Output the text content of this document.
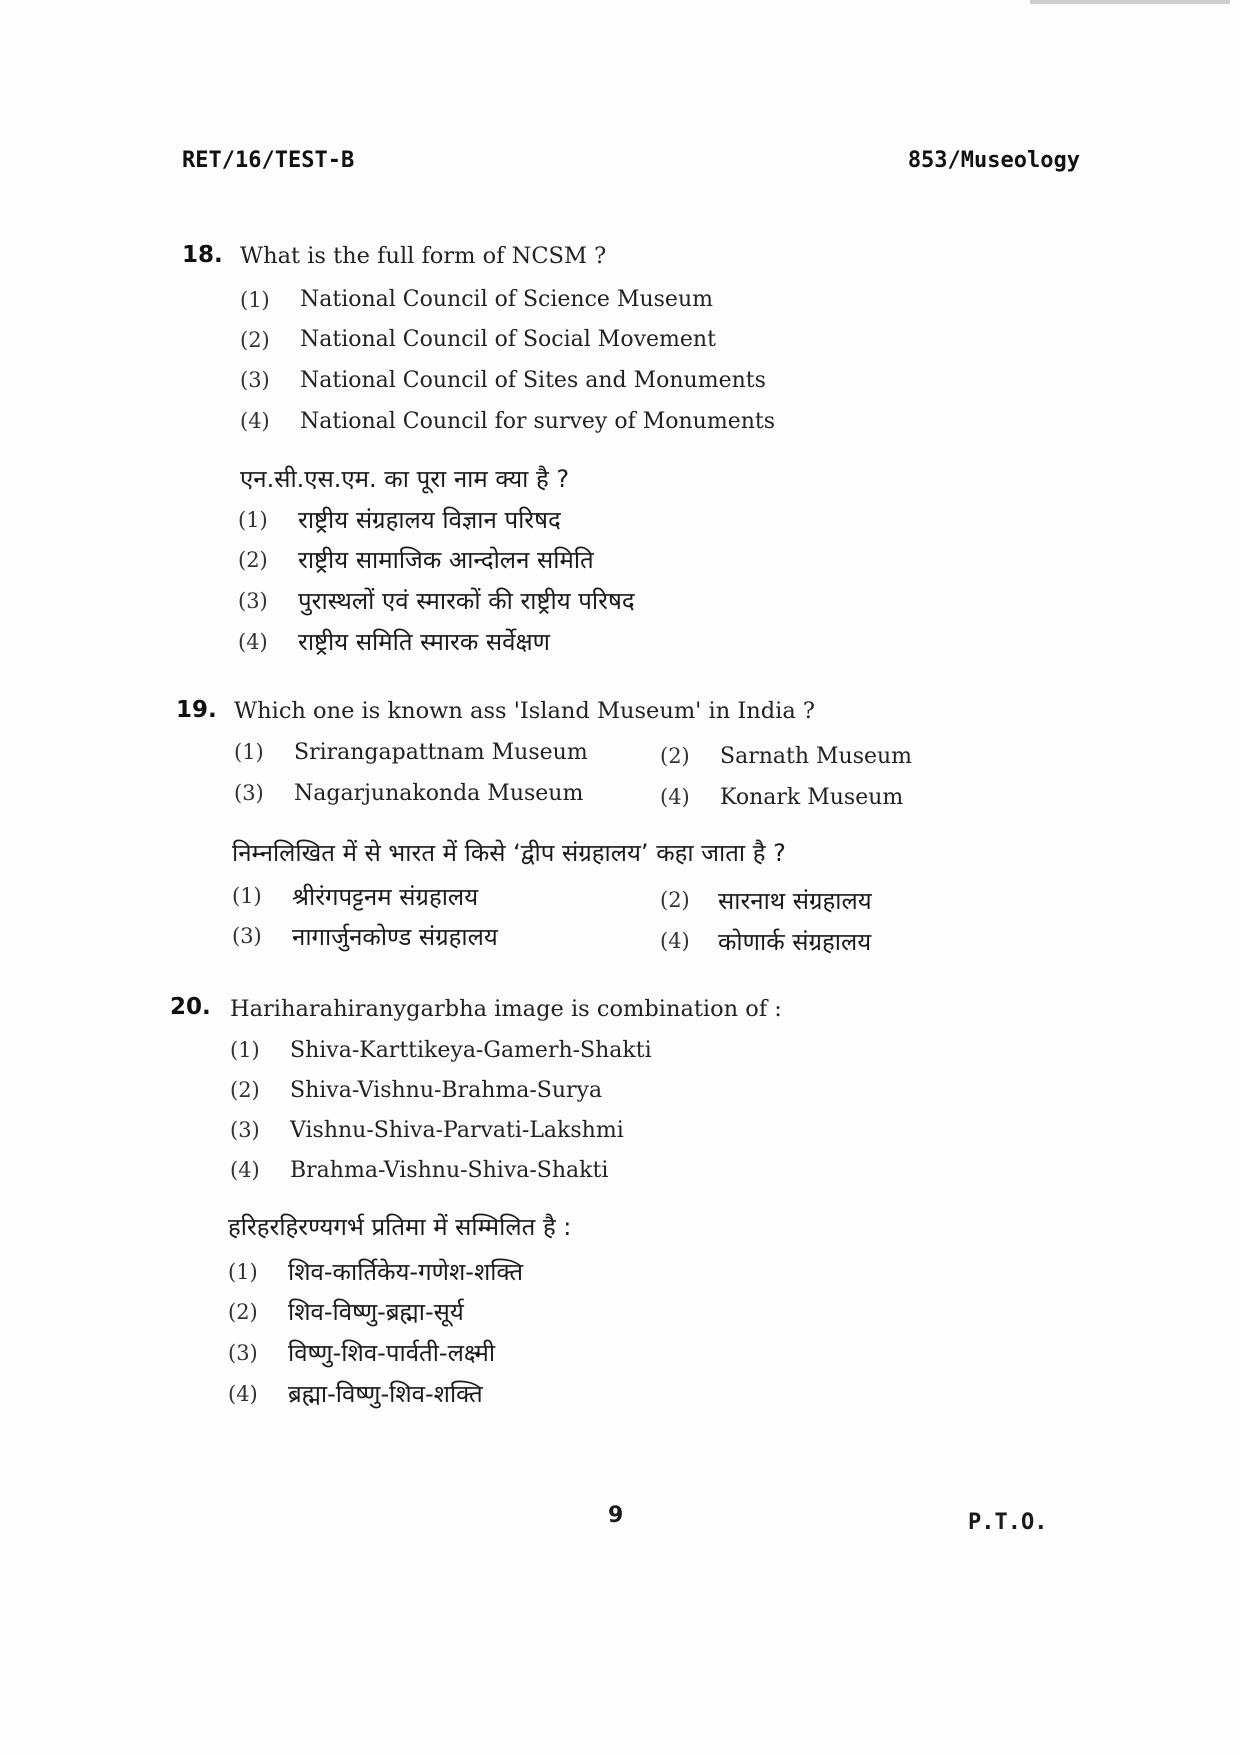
RET/16/TEST-B	853/Museology
18. What is the full form of NCSM ?
(1) National Council of Science Museum
(2) National Council of Social Movement
(3) National Council of Sites and Monuments
(4) National Council for survey of Monuments
एन.सी.एस.एम. का पूरा नाम क्या है ?
(1) राष्ट्रीय संग्रहालय विज्ञान परिषद
(2) राष्ट्रीय सामाजिक आन्दोलन समिति
(3) पुरास्थलों एवं स्मारकों की राष्ट्रीय परिषद
(4) राष्ट्रीय समिति स्मारक सर्वेक्षण
19. Which one is known ass 'Island Museum' in India ?
(1) Srirangapattnam Museum	(2) Sarnath Museum
(3) Nagarjunakonda Museum	(4) Konark Museum
निम्नलिखित में से भारत में किसे ‘द्वीप संग्रहालय’ कहा जाता है ?
(1) श्रीरंगपट्टनम संग्रहालय	(2) सारनाथ संग्रहालय
(3) नागार्जुनकोण्ड संग्रहालय	(4) कोणार्क संग्रहालय
20. Hariharahiranygarbha image is combination of :
(1) Shiva-Karttikeya-Gamerh-Shakti
(2) Shiva-Vishnu-Brahma-Surya
(3) Vishnu-Shiva-Parvati-Lakshmi
(4) Brahma-Vishnu-Shiva-Shakti
हरिहरहिरण्यगर्भ प्रतिमा में सम्मिलित है :
(1) शिव-कार्तिकेय-गणेश-शक्ति
(2) शिव-विष्णु-ब्रह्मा-सूर्य
(3) विष्णु-शिव-पार्वती-लक्ष्मी
(4) ब्रह्मा-विष्णु-शिव-शक्ति
9	P.T.O.
